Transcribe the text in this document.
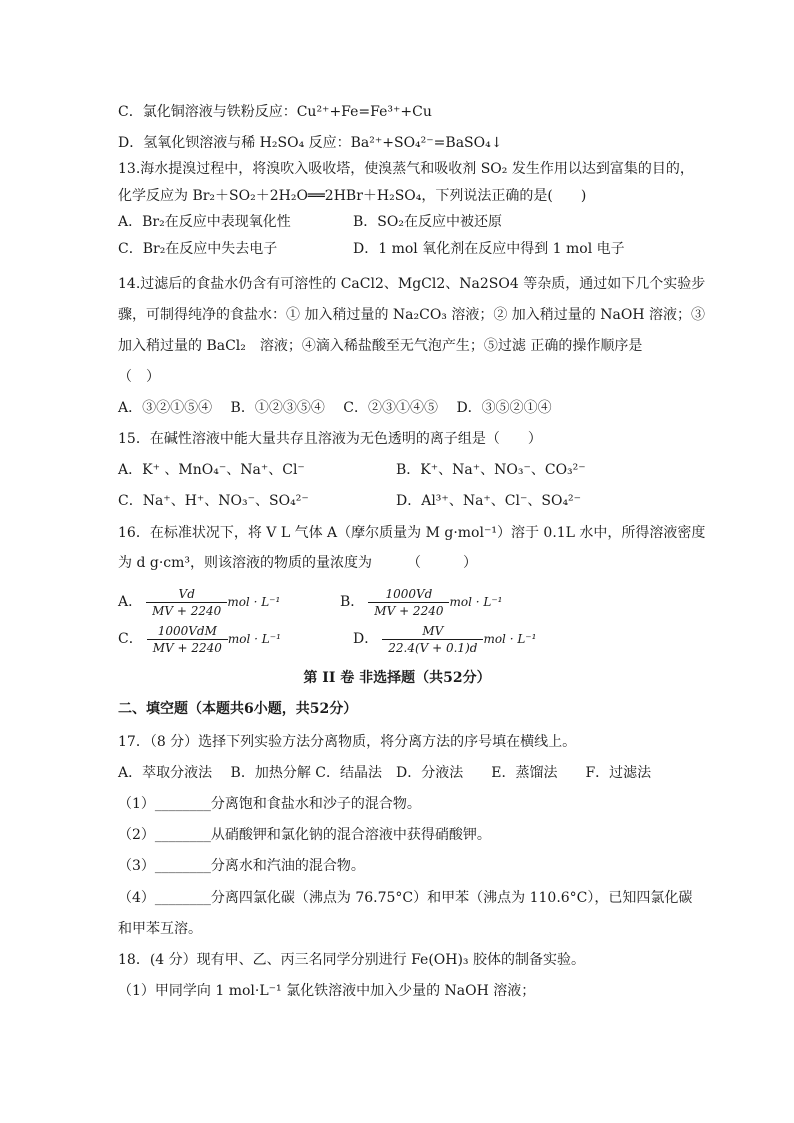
C．氯化铜溶液与铁粉反应：Cu²⁺+Fe=Fe³⁺+Cu
D．氢氧化钡溶液与稀 H₂SO₄ 反应：Ba²⁺+SO₄²⁻=BaSO₄↓
13.海水提溴过程中，将溴吹入吸收塔，使溴蒸气和吸收剂 SO₂ 发生作用以达到富集的目的，
化学反应为 Br₂＋SO₂＋2H₂O══2HBr＋H₂SO₄，下列说法正确的是(　　)
A．Br₂在反应中表现氧化性	B．SO₂在反应中被还原
C．Br₂在反应中失去电子	D．1 mol 氧化剂在反应中得到 1 mol 电子
14.过滤后的食盐水仍含有可溶性的 CaCl2、MgCl2、Na2SO4 等杂质，通过如下几个实验步
骤，可制得纯净的食盐水：① 加入稍过量的 Na₂CO₃ 溶液；② 加入稍过量的 NaOH 溶液；③
加入稍过量的 BaCl₂　溶液；④滴入稀盐酸至无气泡产生；⑤过滤 正确的操作顺序是
（　）
A．③②①⑤④　 B．①②③⑤④　 C．②③①④⑤　 D．③⑤②①④
15．在碱性溶液中能大量共存且溶液为无色透明的离子组是（　　）
A．K⁺ 、MnO₄⁻、Na⁺、Cl⁻	B．K⁺、Na⁺、NO₃⁻、CO₃²⁻
C．Na⁺、H⁺、NO₃⁻、SO₄²⁻	D．Al³⁺、Na⁺、Cl⁻、SO₄²⁻
16．在标准状况下，将 V L 气体 A（摩尔质量为 M g·mol⁻¹）溶于 0.1L 水中，所得溶液密度
为 d g·cm³，则该溶液的物质的量浓度为　　　（　　　）
A． $\frac{Vd}{MV + 2240}$ mol · L⁻¹	B． $\frac{1000Vd}{MV + 2240}$ mol · L⁻¹
C． $\frac{\text{1000VdM}}{MV + 2240}$ mol · L⁻¹	D． $\frac{MV}{22.4(V + 0.1)d}$ mol · L⁻¹
第 II 卷 非选择题（共52分）
二、填空题（本题共6小题，共52分）
17．（8 分）选择下列实验方法分离物质，将分离方法的序号填在横线上。
A．萃取分液法　 B．加热分解 C．结晶法　D．分液法　　E．蒸馏法　　F．过滤法
（1）________分离饱和食盐水和沙子的混合物。
（2）________从硝酸钾和氯化钠的混合溶液中获得硝酸钾。
（3）________分离水和汽油的混合物。
（4）________分离四氯化碳（沸点为 76.75°C）和甲苯（沸点为 110.6°C），已知四氯化碳
和甲苯互溶。
18．(4 分）现有甲、乙、丙三名同学分别进行 Fe(OH)₃ 胶体的制备实验。
（1）甲同学向 1 mol·L⁻¹ 氯化铁溶液中加入少量的 NaOH 溶液；
